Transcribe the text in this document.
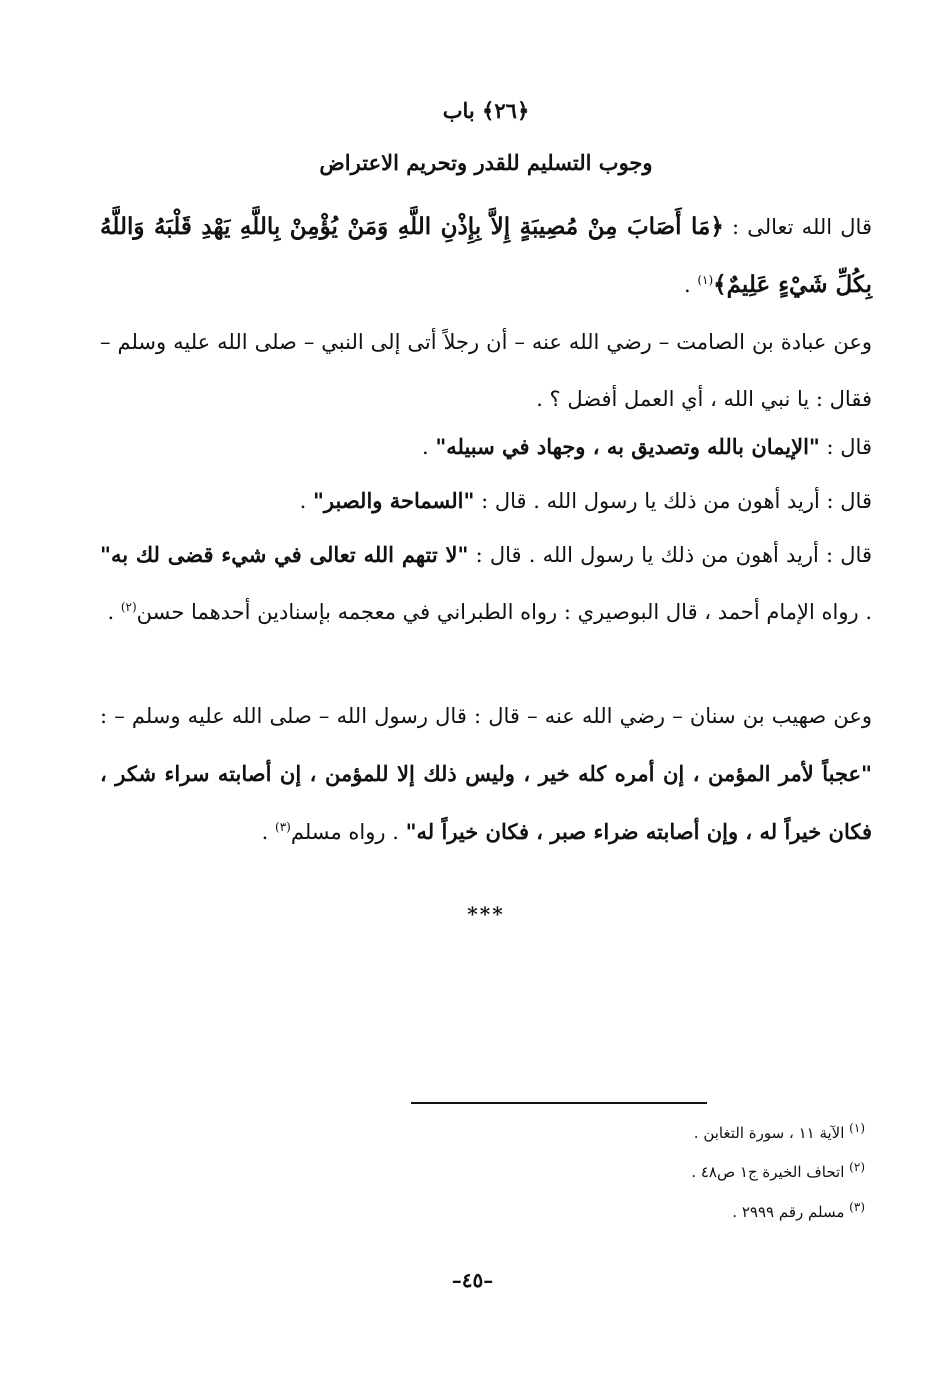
﴿٢٦﴾ باب
وجوب التسليم للقدر وتحريم الاعتراض

قال الله تعالى : ﴿مَا أَصَابَ مِنْ مُصِيبَةٍ إِلاَّ بِإِذْنِ اللَّهِ وَمَنْ يُؤْمِنْ بِاللَّهِ يَهْدِ قَلْبَهُ وَاللَّهُ بِكُلِّ شَيْءٍ عَلِيمٌ﴾$^{(١)}$ .

وعن عبادة بن الصامت – رضي الله عنه – أن رجلاً أتى إلى النبي – صلى الله عليه وسلم – فقال : يا نبي الله ، أي العمل أفضل ؟ .

قال : "الإيمان بالله وتصديق به ، وجهاد في سبيله" .

قال : أريد أهون من ذلك يا رسول الله . قال : "السماحة والصبر" .

قال : أريد أهون من ذلك يا رسول الله . قال : "لا تتهم الله تعالى في شيء قضى لك به" . رواه الإمام أحمد ، قال البوصيري : رواه الطبراني في معجمه بإسنادين أحدهما حسن$^{(٢)}$ .

وعن صهيب بن سنان – رضي الله عنه – قال : قال رسول الله – صلى الله عليه وسلم – : "عجباً لأمر المؤمن ، إن أمره كله خير ، وليس ذلك إلا للمؤمن ، إن أصابته سراء شكر ، فكان خيراً له ، وإن أصابته ضراء صبر ، فكان خيراً له" . رواه مسلم$^{(٣)}$ .

***
$^{(١)}$ الآية ١١ ، سورة التغابن .
$^{(٢)}$ اتحاف الخيرة ج١ ص٤٨ .
$^{(٣)}$ مسلم رقم ٢٩٩٩ .
–٤٥–
